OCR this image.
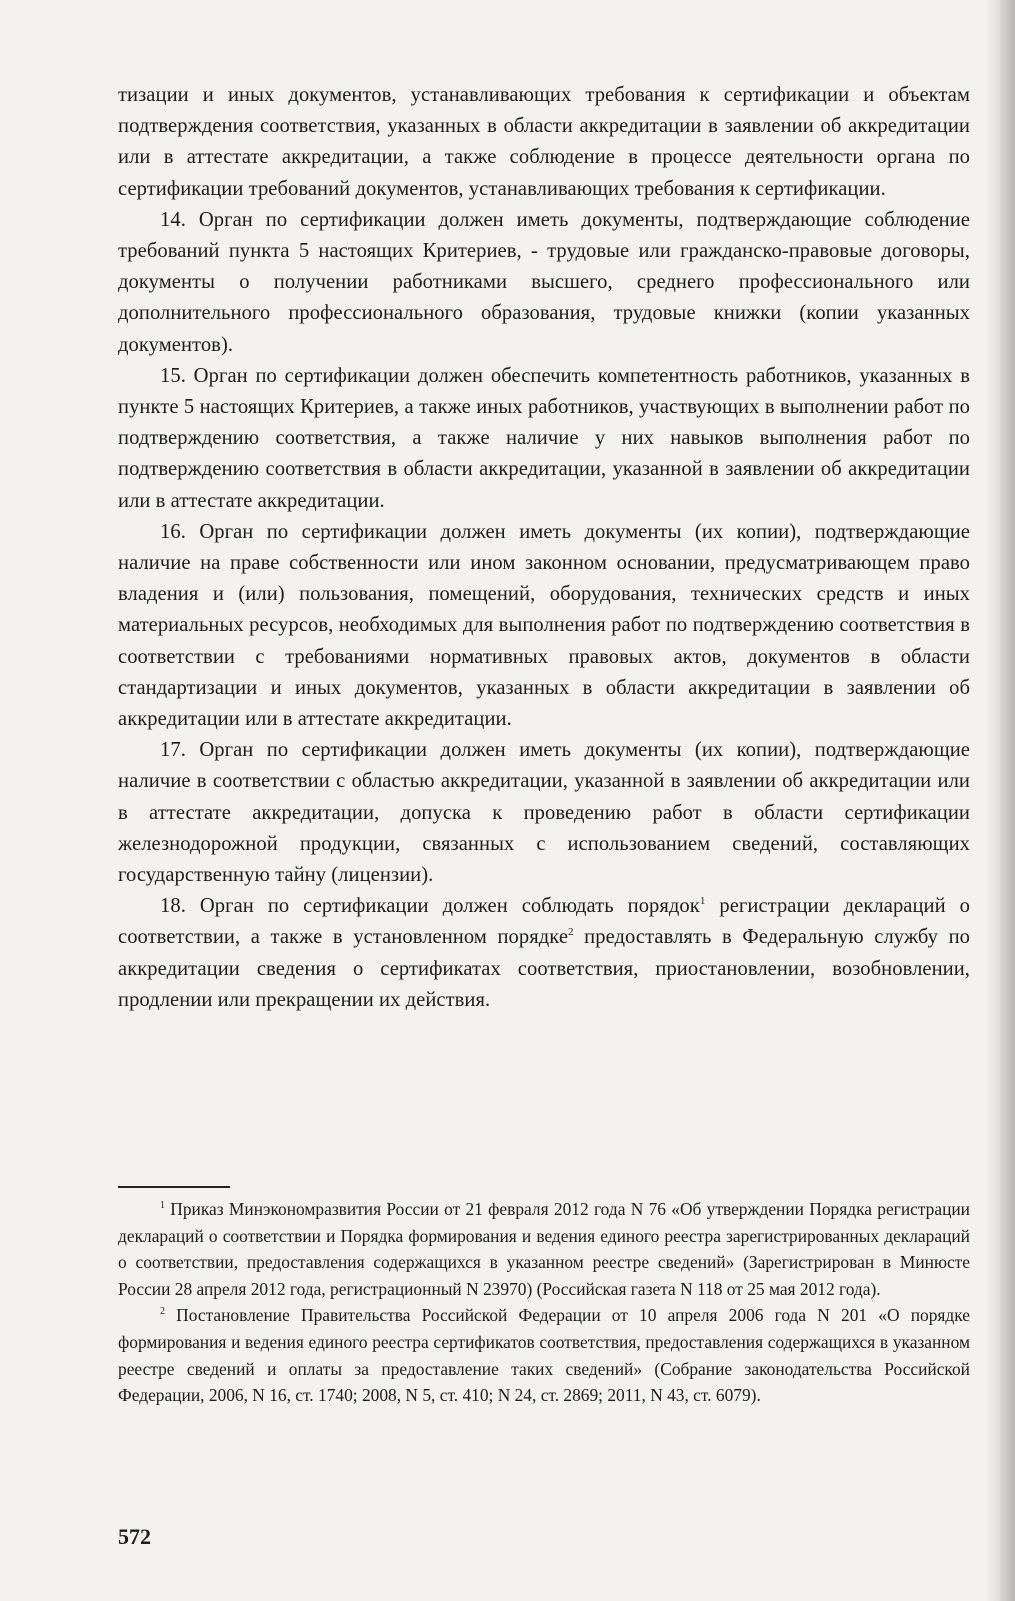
тизации и иных документов, устанавливающих требования к сертификации и объектам подтверждения соответствия, указанных в области аккредитации в заявлении об аккредитации или в аттестате аккредитации, а также соблюдение в процессе деятельности органа по сертификации требований документов, устанавливающих требования к сертификации.

14. Орган по сертификации должен иметь документы, подтверждающие соблюдение требований пункта 5 настоящих Критериев, - трудовые или гражданско-правовые договоры, документы о получении работниками высшего, среднего профессионального или дополнительного профессионального образования, трудовые книжки (копии указанных документов).

15. Орган по сертификации должен обеспечить компетентность работников, указанных в пункте 5 настоящих Критериев, а также иных работников, участвующих в выполнении работ по подтверждению соответствия, а также наличие у них навыков выполнения работ по подтверждению соответствия в области аккредитации, указанной в заявлении об аккредитации или в аттестате аккредитации.

16. Орган по сертификации должен иметь документы (их копии), подтверждающие наличие на праве собственности или ином законном основании, предусматривающем право владения и (или) пользования, помещений, оборудования, технических средств и иных материальных ресурсов, необходимых для выполнения работ по подтверждению соответствия в соответствии с требованиями нормативных правовых актов, документов в области стандартизации и иных документов, указанных в области аккредитации в заявлении об аккредитации или в аттестате аккредитации.

17. Орган по сертификации должен иметь документы (их копии), подтверждающие наличие в соответствии с областью аккредитации, указанной в заявлении об аккредитации или в аттестате аккредитации, допуска к проведению работ в области сертификации железнодорожной продукции, связанных с использованием сведений, составляющих государственную тайну (лицензии).

18. Орган по сертификации должен соблюдать порядок$^1$ регистрации деклараций о соответствии, а также в установленном порядке$^2$ предоставлять в Федеральную службу по аккредитации сведения о сертификатах соответствия, приостановлении, возобновлении, продлении или прекращении их действия.

$^1$ Приказ Минэкономразвития России от 21 февраля 2012 года N 76 «Об утверждении Порядка регистрации деклараций о соответствии и Порядка формирования и ведения единого реестра зарегистрированных деклараций о соответствии, предоставления содержащихся в указанном реестре сведений» (Зарегистрирован в Минюсте России 28 апреля 2012 года, регистрационный N 23970) (Российская газета N 118 от 25 мая 2012 года).

$^2$ Постановление Правительства Российской Федерации от 10 апреля 2006 года N 201 «О порядке формирования и ведения единого реестра сертификатов соответствия, предоставления содержащихся в указанном реестре сведений и оплаты за предоставление таких сведений» (Собрание законодательства Российской Федерации, 2006, N 16, ст. 1740; 2008, N 5, ст. 410; N 24, ст. 2869; 2011, N 43, ст. 6079).

572
